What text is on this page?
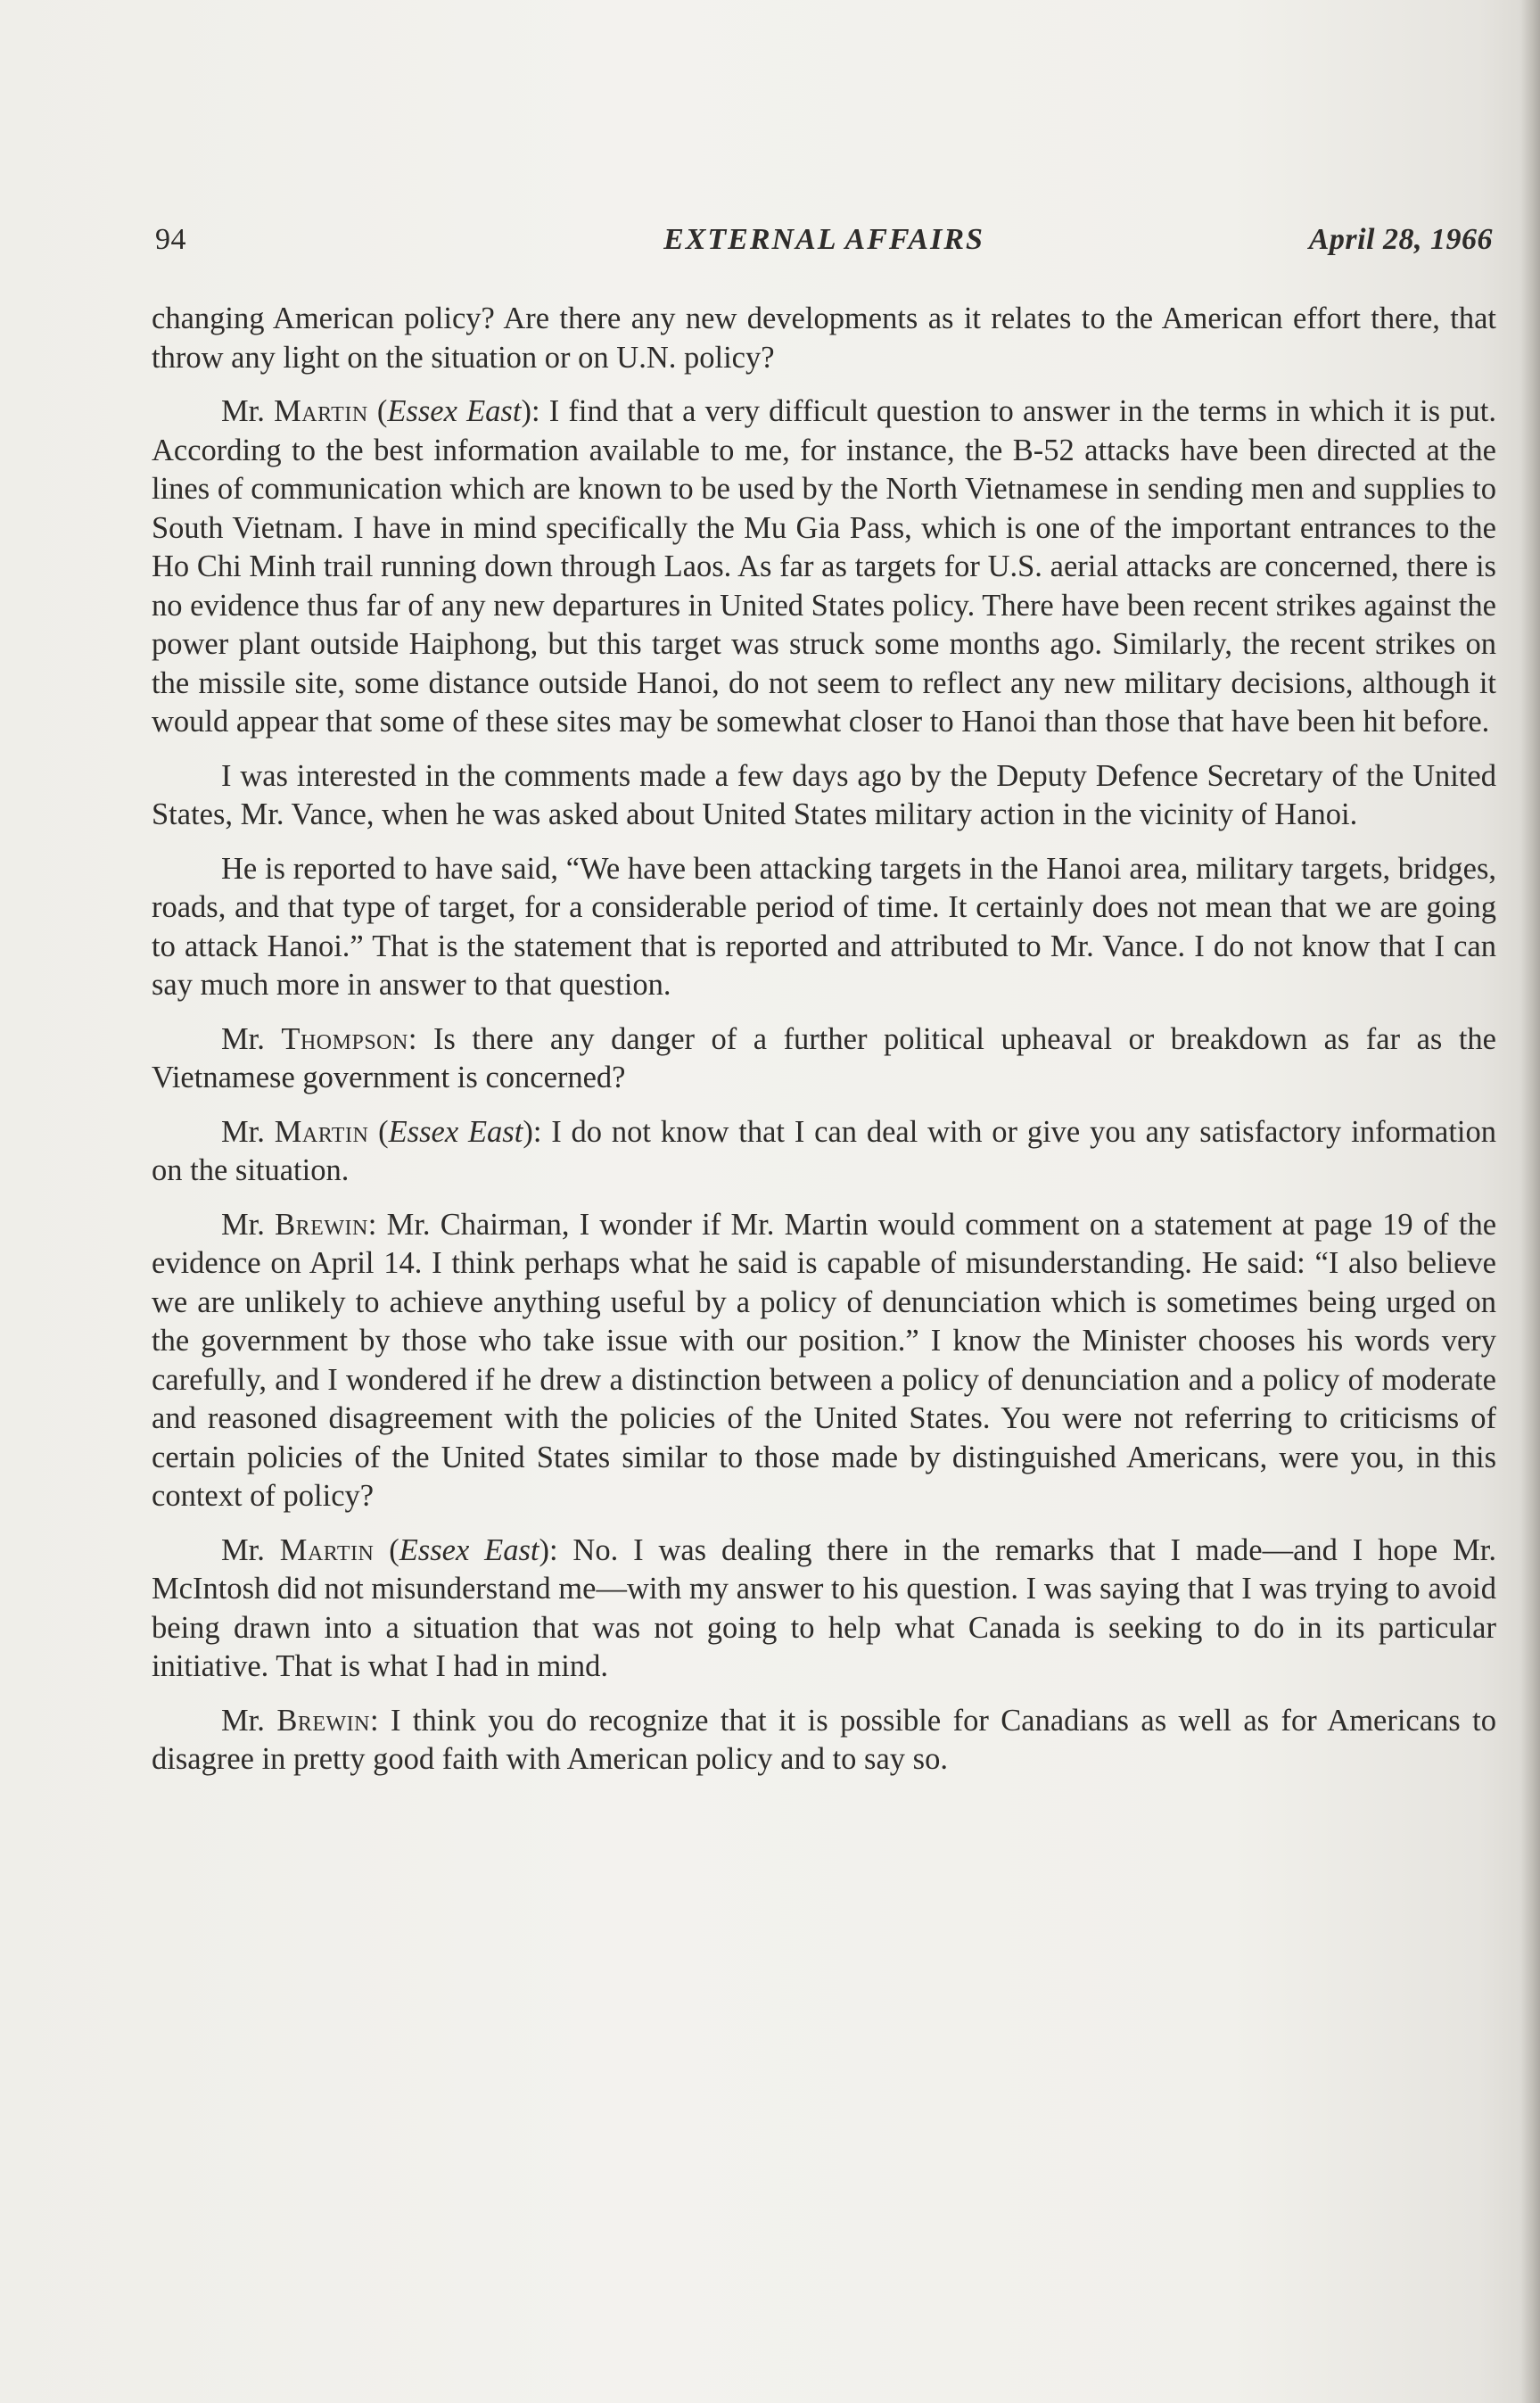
94	EXTERNAL AFFAIRS	April 28, 1966

changing American policy? Are there any new developments as it relates to the American effort there, that throw any light on the situation or on U.N. policy?

Mr. Martin (Essex East): I find that a very difficult question to answer in the terms in which it is put. According to the best information available to me, for instance, the B-52 attacks have been directed at the lines of communication which are known to be used by the North Vietnamese in sending men and supplies to South Vietnam. I have in mind specifically the Mu Gia Pass, which is one of the important entrances to the Ho Chi Minh trail running down through Laos. As far as targets for U.S. aerial attacks are concerned, there is no evidence thus far of any new departures in United States policy. There have been recent strikes against the power plant outside Haiphong, but this target was struck some months ago. Similarly, the recent strikes on the missile site, some distance outside Hanoi, do not seem to reflect any new military decisions, although it would appear that some of these sites may be somewhat closer to Hanoi than those that have been hit before.

I was interested in the comments made a few days ago by the Deputy Defence Secretary of the United States, Mr. Vance, when he was asked about United States military action in the vicinity of Hanoi.

He is reported to have said, “We have been attacking targets in the Hanoi area, military targets, bridges, roads, and that type of target, for a considerable period of time. It certainly does not mean that we are going to attack Hanoi.” That is the statement that is reported and attributed to Mr. Vance. I do not know that I can say much more in answer to that question.

Mr. Thompson: Is there any danger of a further political upheaval or breakdown as far as the Vietnamese government is concerned?

Mr. Martin (Essex East): I do not know that I can deal with or give you any satisfactory information on the situation.

Mr. Brewin: Mr. Chairman, I wonder if Mr. Martin would comment on a statement at page 19 of the evidence on April 14. I think perhaps what he said is capable of misunderstanding. He said: “I also believe we are unlikely to achieve anything useful by a policy of denunciation which is sometimes being urged on the government by those who take issue with our position.” I know the Minister chooses his words very carefully, and I wondered if he drew a distinction between a policy of denunciation and a policy of moderate and reasoned disagreement with the policies of the United States. You were not referring to criticisms of certain policies of the United States similar to those made by distinguished Americans, were you, in this context of policy?

Mr. Martin (Essex East): No. I was dealing there in the remarks that I made—and I hope Mr. McIntosh did not misunderstand me—with my answer to his question. I was saying that I was trying to avoid being drawn into a situation that was not going to help what Canada is seeking to do in its particular initiative. That is what I had in mind.

Mr. Brewin: I think you do recognize that it is possible for Canadians as well as for Americans to disagree in pretty good faith with American policy and to say so.
